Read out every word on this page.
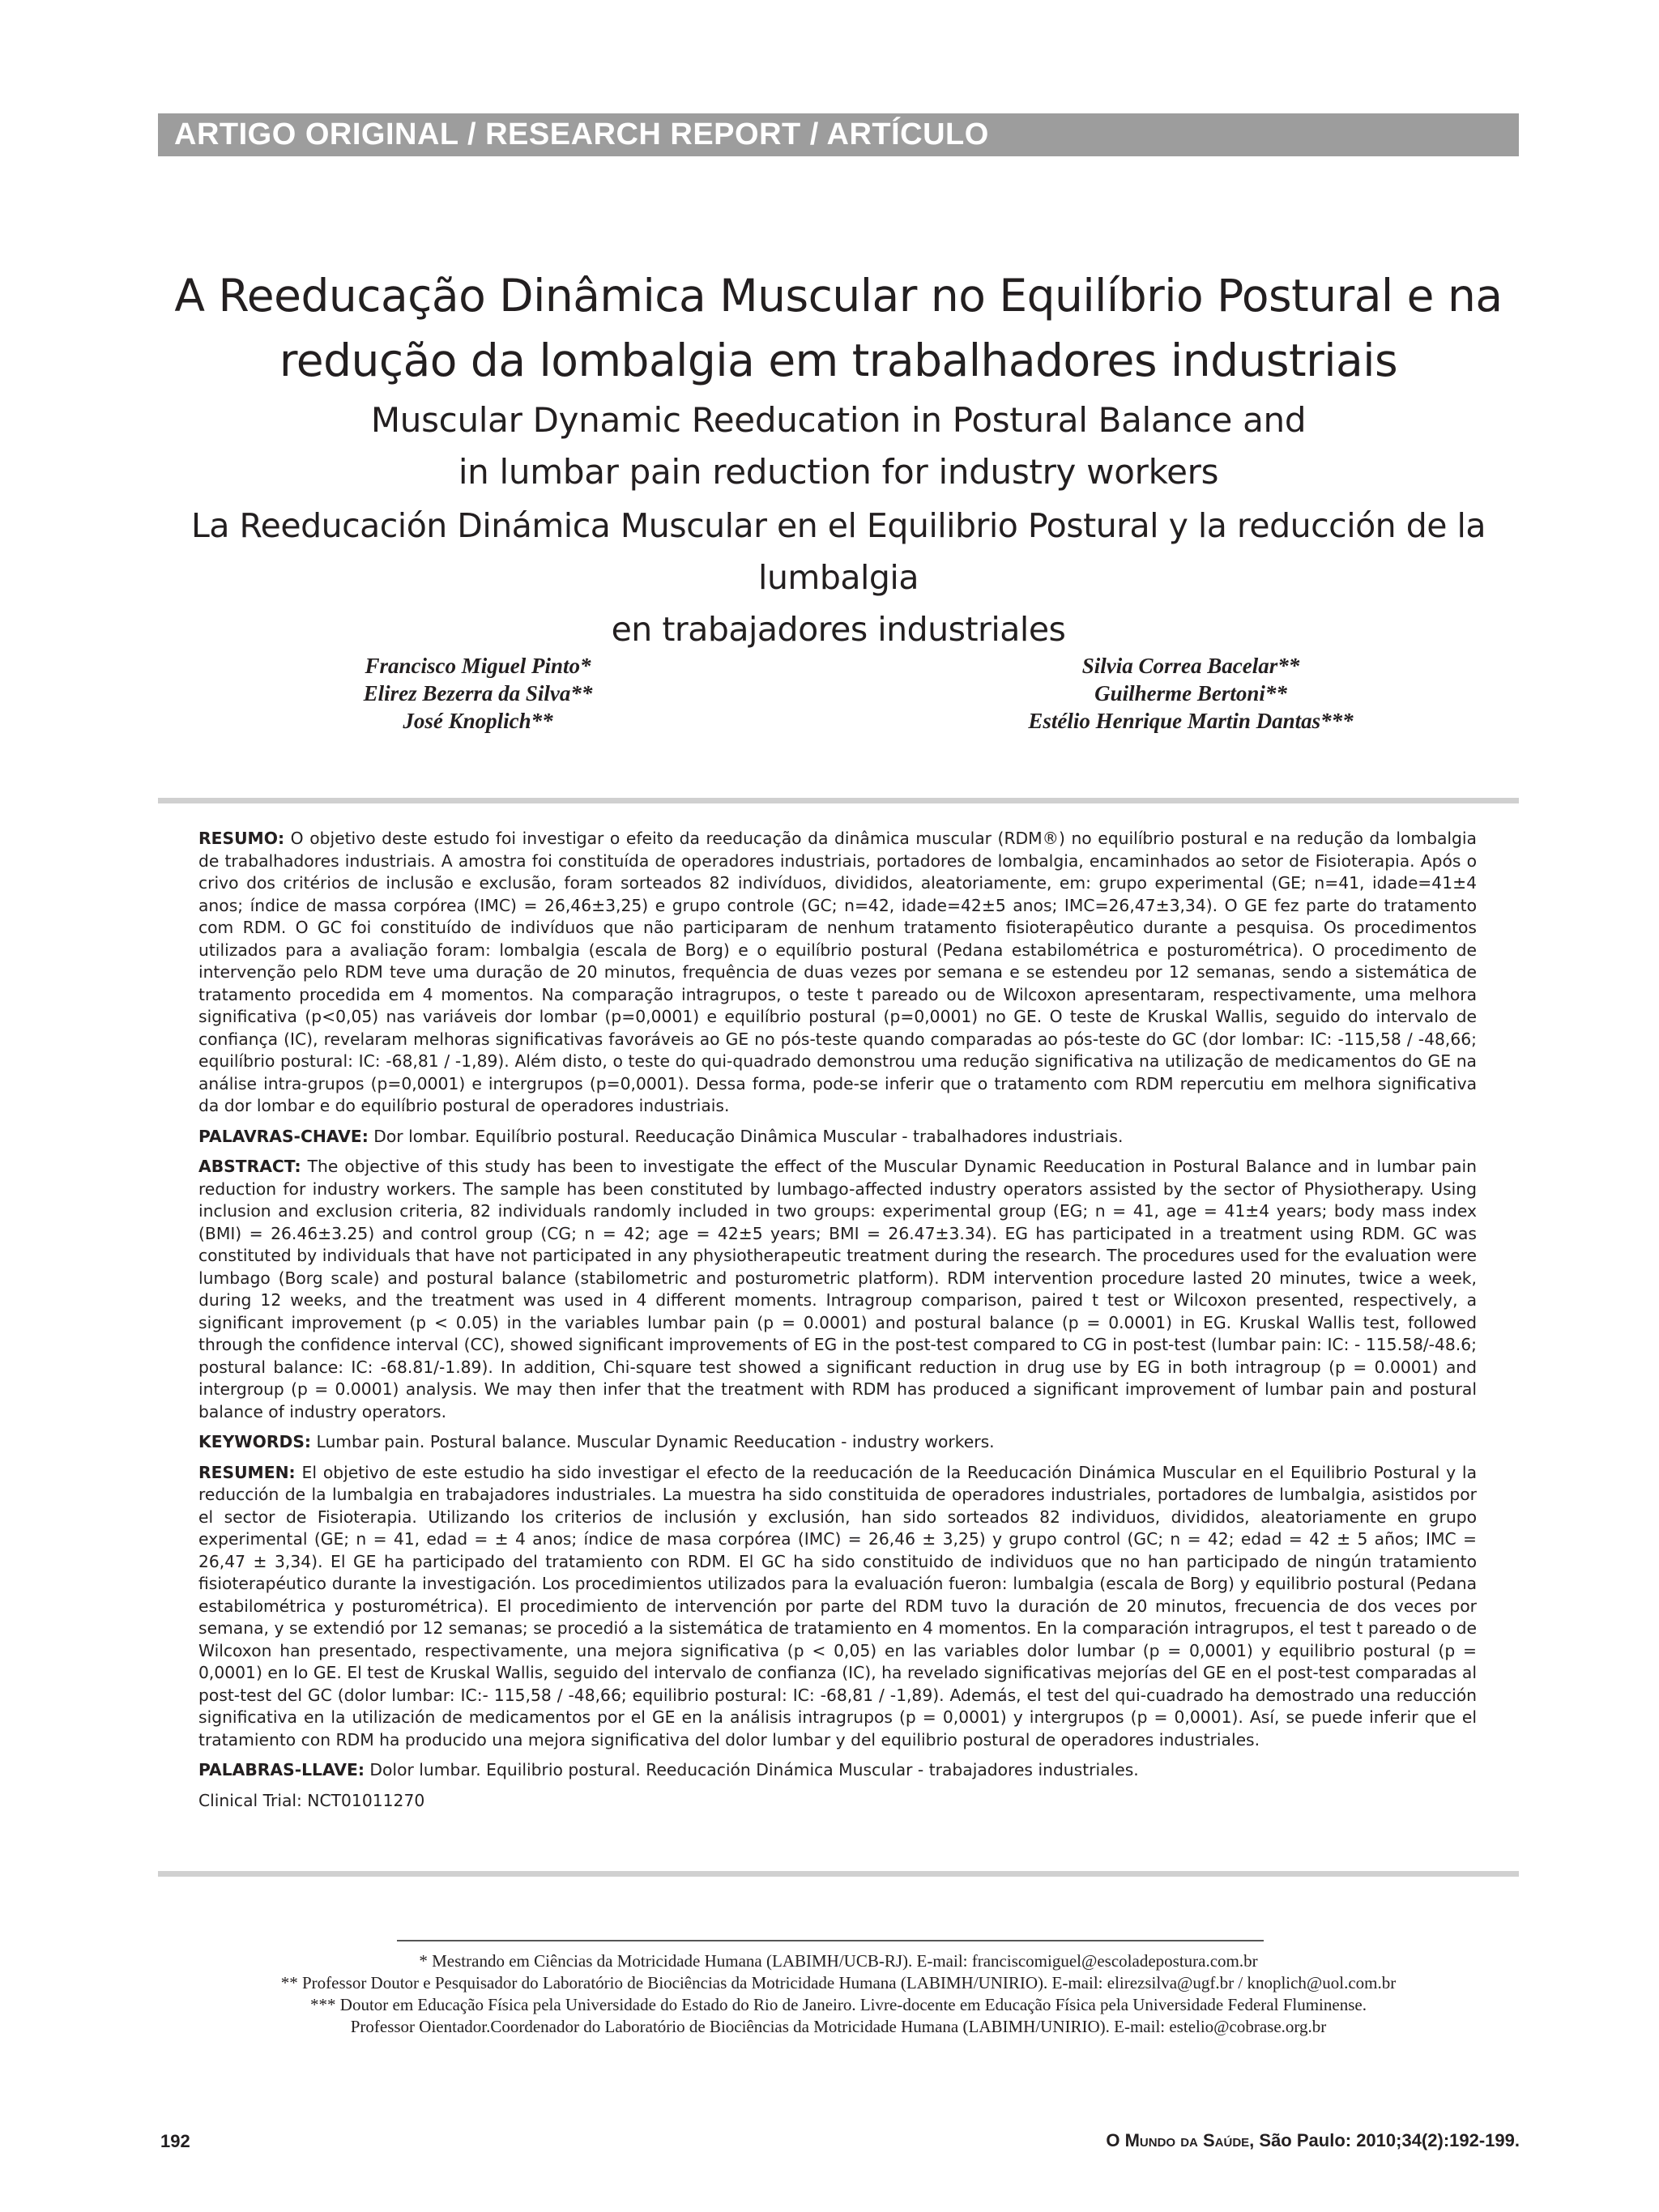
ARTIGO ORIGINAL / RESEARCH REPORT / ARTÍCULO
A Reeducação Dinâmica Muscular no Equilíbrio Postural e na
redução da lombalgia em trabalhadores industriais
Muscular Dynamic Reeducation in Postural Balance and
in lumbar pain reduction for industry workers
La Reeducación Dinámica Muscular en el Equilibrio Postural y la reducción de la lumbalgia
en trabajadores industriales
Francisco Miguel Pinto*
Elirez Bezerra da Silva**
José Knoplich**
Silvia Correa Bacelar**
Guilherme Bertoni**
Estélio Henrique Martin Dantas***

RESUMO: O objetivo deste estudo foi investigar o efeito da reeducação da dinâmica muscular (RDM®) no equilíbrio postural e na redução da lombalgia de trabalhadores industriais. A amostra foi constituída de operadores industriais, portadores de lombalgia, encaminhados ao setor de Fisioterapia. Após o crivo dos critérios de inclusão e exclusão, foram sorteados 82 indivíduos, divididos, aleatoriamente, em: grupo experimental (GE; n=41, idade=41±4 anos; índice de massa corpórea (IMC) = 26,46±3,25) e grupo controle (GC; n=42, idade=42±5 anos; IMC=26,47±3,34). O GE fez parte do tratamento com RDM. O GC foi constituído de indivíduos que não participaram de nenhum tratamento fisioterapêutico durante a pesquisa. Os procedimentos utilizados para a avaliação foram: lombalgia (escala de Borg) e o equilíbrio postural (Pedana estabilométrica e posturométrica). O procedimento de intervenção pelo RDM teve uma duração de 20 minutos, frequência de duas vezes por semana e se estendeu por 12 semanas, sendo a sistemática de tratamento procedida em 4 momentos. Na comparação intragrupos, o teste t pareado ou de Wilcoxon apresentaram, respectivamente, uma melhora significativa (p<0,05) nas variáveis dor lombar (p=0,0001) e equilíbrio postural (p=0,0001) no GE. O teste de Kruskal Wallis, seguido do intervalo de confiança (IC), revelaram melhoras significativas favoráveis ao GE no pós-teste quando comparadas ao pós-teste do GC (dor lombar: IC: -115,58 / -48,66; equilíbrio postural: IC: -68,81 / -1,89). Além disto, o teste do qui-quadrado demonstrou uma redução significativa na utilização de medicamentos do GE na análise intra-grupos (p=0,0001) e intergrupos (p=0,0001). Dessa forma, pode-se inferir que o tratamento com RDM repercutiu em melhora significativa da dor lombar e do equilíbrio postural de operadores industriais.

PALAVRAS-CHAVE: Dor lombar. Equilíbrio postural. Reeducação Dinâmica Muscular - trabalhadores industriais.

ABSTRACT: The objective of this study has been to investigate the effect of the Muscular Dynamic Reeducation in Postural Balance and in lumbar pain reduction for industry workers. The sample has been constituted by lumbago-affected industry operators assisted by the sector of Physiotherapy. Using inclusion and exclusion criteria, 82 individuals randomly included in two groups: experimental group (EG; n = 41, age = 41±4 years; body mass index (BMI) = 26.46±3.25) and control group (CG; n = 42; age = 42±5 years; BMI = 26.47±3.34). EG has participated in a treatment using RDM. GC was constituted by individuals that have not participated in any physiotherapeutic treatment during the research. The procedures used for the evaluation were lumbago (Borg scale) and postural balance (stabilometric and posturometric platform). RDM intervention procedure lasted 20 minutes, twice a week, during 12 weeks, and the treatment was used in 4 different moments. Intragroup comparison, paired t test or Wilcoxon presented, respectively, a significant improvement (p < 0.05) in the variables lumbar pain (p = 0.0001) and postural balance (p = 0.0001) in EG. Kruskal Wallis test, followed through the confidence interval (CC), showed significant improvements of EG in the post-test compared to CG in post-test (lumbar pain: IC: - 115.58/-48.6; postural balance: IC: -68.81/-1.89). In addition, Chi-square test showed a significant reduction in drug use by EG in both intragroup (p = 0.0001) and intergroup (p = 0.0001) analysis. We may then infer that the treatment with RDM has produced a significant improvement of lumbar pain and postural balance of industry operators.

KEYWORDS: Lumbar pain. Postural balance. Muscular Dynamic Reeducation - industry workers.

RESUMEN: El objetivo de este estudio ha sido investigar el efecto de la reeducación de la Reeducación Dinámica Muscular en el Equilibrio Postural y la reducción de la lumbalgia en trabajadores industriales. La muestra ha sido constituida de operadores industriales, portadores de lumbalgia, asistidos por el sector de Fisioterapia. Utilizando los criterios de inclusión y exclusión, han sido sorteados 82 individuos, divididos, aleatoriamente en grupo experimental (GE; n = 41, edad = ± 4 anos; índice de masa corpórea (IMC) = 26,46 ± 3,25) y grupo control (GC; n = 42; edad = 42 ± 5 años; IMC = 26,47 ± 3,34). El GE ha participado del tratamiento con RDM. El GC ha sido constituido de individuos que no han participado de ningún tratamiento fisioterapéutico durante la investigación. Los procedimientos utilizados para la evaluación fueron: lumbalgia (escala de Borg) y equilibrio postural (Pedana estabilométrica y posturométrica). El procedimiento de intervención por parte del RDM tuvo la duración de 20 minutos, frecuencia de dos veces por semana, y se extendió por 12 semanas; se procedió a la sistemática de tratamiento en 4 momentos. En la comparación intragrupos, el test t pareado o de Wilcoxon han presentado, respectivamente, una mejora significativa (p < 0,05) en las variables dolor lumbar (p = 0,0001) y equilibrio postural (p = 0,0001) en lo GE. El test de Kruskal Wallis, seguido del intervalo de confianza (IC), ha revelado significativas mejorías del GE en el post-test comparadas al post-test del GC (dolor lumbar: IC:- 115,58 / -48,66; equilibrio postural: IC: -68,81 / -1,89). Además, el test del qui-cuadrado ha demostrado una reducción significativa en la utilización de medicamentos por el GE en la análisis intragrupos (p = 0,0001) y intergrupos (p = 0,0001). Así, se puede inferir que el tratamiento con RDM ha producido una mejora significativa del dolor lumbar y del equilibrio postural de operadores industriales.

PALABRAS-LLAVE: Dolor lumbar. Equilibrio postural. Reeducación Dinámica Muscular - trabajadores industriales.

Clinical Trial: NCT01011270

* Mestrando em Ciências da Motricidade Humana (LABIMH/UCB-RJ). E-mail: franciscomiguel@escoladepostura.com.br
** Professor Doutor e Pesquisador do Laboratório de Biociências da Motricidade Humana (LABIMH/UNIRIO). E-mail: elirezsilva@ugf.br / knoplich@uol.com.br
*** Doutor em Educação Física pela Universidade do Estado do Rio de Janeiro. Livre-docente em Educação Física pela Universidade Federal Fluminense.
Professor Oientador.Coordenador do Laboratório de Biociências da Motricidade Humana (LABIMH/UNIRIO). E-mail: estelio@cobrase.org.br
192	O Mundo da Saúde, São Paulo: 2010;34(2):192-199.
